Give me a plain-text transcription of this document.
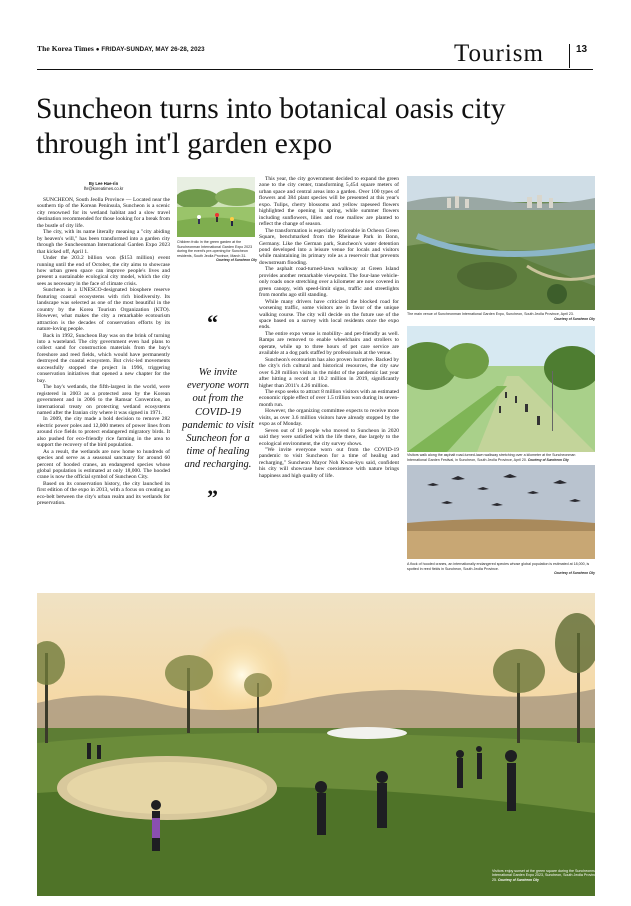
The Korea Times ● FRIDAY-SUNDAY, MAY 26-28, 2023	Tourism	13
Suncheon turns into botanical oasis city through int'l garden expo
By Lee Hae-rin
lhr@koreatimes.co.kr

SUNCHEON, South Jeolla Province — Located near the southern tip of the Korean Peninsula, Suncheon is a scenic city renowned for its wetland habitat and a slow travel destination recommended for those looking for a break from the bustle of city life.

The city, with its name literally meaning a "city abiding by heaven's will," has been transformed into a garden city through the Suncheonman International Garden Expo 2023 that kicked off, April 1.

Under the 203.2 billion won ($153 million) event running until the end of October, the city aims to showcase how urban green space can improve people's lives and present a sustainable ecological city model, which the city sees as necessary in the face of climate crisis.

Suncheon is a UNESCO-designated biosphere reserve featuring coastal ecosystems with rich biodiversity. Its landscape was selected as one of the most beautiful in the country by the Korea Tourism Organization (KTO). However, what makes the city a remarkable ecotourism attraction is the decades of conservation efforts by its nature-loving people.

Back in 1992, Suncheon Bay was on the brink of turning into a wasteland. The city government even had plans to collect sand for construction materials from the bay's foreshore and reed fields, which would have permanently destroyed the coastal ecosystem. But civic-led movements successfully stopped the project in 1996, triggering conservation initiatives that opened a new chapter for the bay.

The bay's wetlands, the fifth-largest in the world, were registered in 2003 as a protected area by the Korean government and in 2006 to the Ramsar Convention, an international treaty on protecting wetland ecosystems named after the Iranian city where it was signed in 1971.

In 2009, the city made a bold decision to remove 282 electric power poles and 12,000 meters of power lines from around rice fields to protect endangered migratory birds. It also pushed for eco-friendly rice farming in the area to support the recovery of the bird population.

As a result, the wetlands are now home to hundreds of species and serve as a seasonal sanctuary for around 60 percent of hooded cranes, an endangered species whose global population is estimated at only 18,000. The hooded crane is now the official symbol of Suncheon City.

Based on its conservation history, the city launched its first edition of the expo in 2013, with a focus on creating an eco-belt between the city's urban realm and its wetlands for preservation.

Children frolic in the green garden at the Suncheonman International Garden Expo 2023 during the event's pre-opening for Suncheon residents, South Jeolla Province, March 31.
Courtesy of Suncheon City
“
We invite everyone worn out from the COVID-19 pandemic to visit Suncheon for a time of healing and recharging.
”

This year, the city government decided to expand the green zone to the city center, transforming 5,454 square meters of urban space and central areas into a garden. Over 100 types of flowers and 384 plant species will be presented at this year's expo. Tulips, cherry blossoms and yellow rapeseed flowers highlighted the opening in spring, while summer flowers including sunflowers, lilies and rose mallow are planted to reflect the change of season.

The transformation is especially noticeable in Ocheon Green Square, benchmarked from the Rheinaue Park in Bonn, Germany. Like the German park, Suncheon's water detention pond developed into a leisure venue for locals and visitors while maintaining its primary role as a reservoir that prevents downstream flooding.

The asphalt road-turned-lawn walkway at Green Island provides another remarkable viewpoint. The four-lane vehicle-only roads once stretching over a kilometer are now covered in green canopy, with speed-limit signs, traffic and streetlights from months ago still standing.

While many drivers have criticized the blocked road for worsening traffic, some visitors are in favor of the unique walking course. The city will decide on the future use of the space based on a survey with local residents once the expo ends.

The entire expo venue is mobility- and pet-friendly as well. Ramps are removed to enable wheelchairs and strollers to operate, while up to three hours of pet care service are available at a dog park staffed by professionals at the venue.

Suncheon's ecotourism has also proven lucrative. Backed by the city's rich cultural and historical resources, the city saw over 6.28 million visits in the midst of the pandemic last year after hitting a record at 10.2 million in 2019, significantly higher than 2011's 4.26 million.

The expo seeks to attract 8 million visitors with an estimated economic ripple effect of over 1.5 trillion won during its seven-month run.

However, the organizing committee expects to receive more visits, as over 3.6 million visitors have already stopped by the expo as of Monday.

Seven out of 10 people who moved to Suncheon in 2020 said they were satisfied with the life there, due largely to the ecological environment, the city survey shows.

"We invite everyone worn out from the COVID-19 pandemic to visit Suncheon for a time of healing and recharging," Suncheon Mayor Noh Kwan-kyu said, confident his city will showcase how coexistence with nature brings happiness and high quality of life.

The main venue of Suncheonman International Garden Expo, Suncheon, South Jeolla Province, April 23.
Courtesy of Suncheon City
Visitors walk along the asphalt road-turned-lawn walkway stretching over a kilometer at the Suncheonman International Garden Festival, in Suncheon, South Jeolla Province, April 20. Courtesy of Suncheon City
A flock of hooded cranes, an internationally endangered species whose global population is estimated at 18,000, is spotted in reed fields in Suncheon, South Jeolla Province.
Courtesy of Suncheon City
Visitors enjoy sunset at the green square during the Suncheonman International Garden Expo 2023, Suncheon, South Jeolla Province, April 25. Courtesy of Suncheon City
